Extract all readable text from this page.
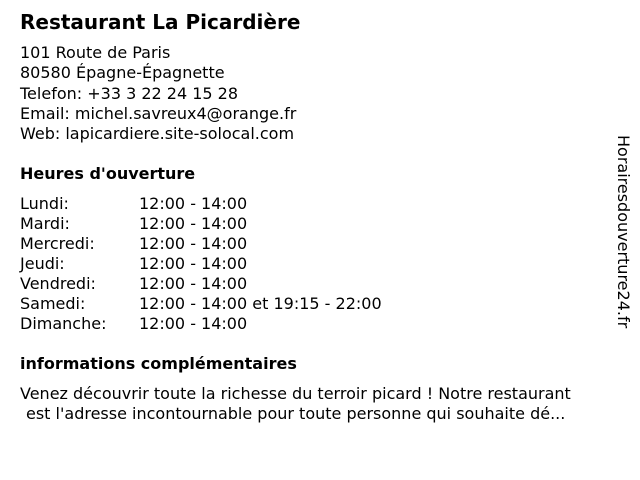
Restaurant La Picardière
101 Route de Paris
80580 Épagne-Épagnette
Telefon: +33 3 22 24 15 28
Email: michel.savreux4@orange.fr
Web: lapicardiere.site-solocal.com
Heures d'ouverture
Lundi:	12:00 - 14:00
Mardi:	12:00 - 14:00
Mercredi:	12:00 - 14:00
Jeudi:	12:00 - 14:00
Vendredi:	12:00 - 14:00
Samedi:	12:00 - 14:00 et 19:15 - 22:00
Dimanche: 12:00 - 14:00
informations complémentaires
Venez découvrir toute la richesse du terroir picard ! Notre restaurant
est l'adresse incontournable pour toute personne qui souhaite dé...
Horairesdouverture24.fr
